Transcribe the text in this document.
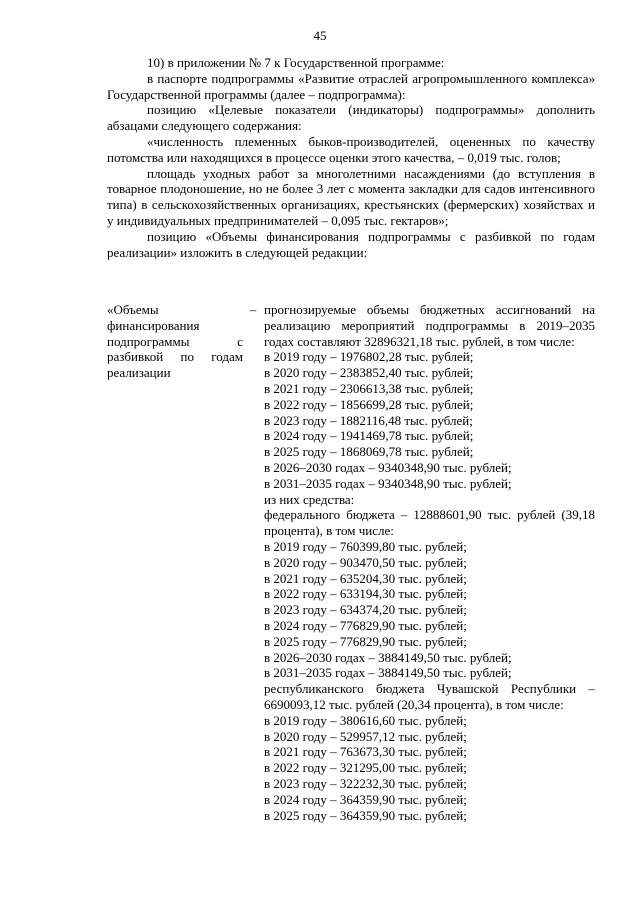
45

10) в приложении № 7 к Государственной программе:

в паспорте подпрограммы «Развитие отраслей агропромышленного комплекса» Государственной программы (далее – подпрограмма):

позицию «Целевые показатели (индикаторы) подпрограммы» дополнить абзацами следующего содержания:

«численность племенных быков-производителей, оцененных по качеству потомства или находящихся в процессе оценки этого качества, – 0,019 тыс. голов;

площадь уходных работ за многолетними насаждениями (до вступления в товарное плодоношение, но не более 3 лет с момента закладки для садов интенсивного типа) в сельскохозяйственных организациях, крестьянских (фермерских) хозяйствах и у индивидуальных предпринимателей – 0,095 тыс. гектаров»;

позицию «Объемы финансирования подпрограммы с разбивкой по годам реализации» изложить в следующей редакции:

«Объемы финансирования подпрограммы с разбивкой по годам реализации
– прогнозируемые объемы бюджетных ассигнований на реализацию мероприятий подпрограммы в 2019–2035 годах составляют 32896321,18 тыс. рублей, в том числе:
в 2019 году – 1976802,28 тыс. рублей;
в 2020 году – 2383852,40 тыс. рублей;
в 2021 году – 2306613,38 тыс. рублей;
в 2022 году – 1856699,28 тыс. рублей;
в 2023 году – 1882116,48 тыс. рублей;
в 2024 году – 1941469,78 тыс. рублей;
в 2025 году – 1868069,78 тыс. рублей;
в 2026–2030 годах – 9340348,90 тыс. рублей;
в 2031–2035 годах – 9340348,90 тыс. рублей;
из них средства:
федерального бюджета – 12888601,90 тыс. рублей (39,18 процента), в том числе:
в 2019 году – 760399,80 тыс. рублей;
в 2020 году – 903470,50 тыс. рублей;
в 2021 году – 635204,30 тыс. рублей;
в 2022 году – 633194,30 тыс. рублей;
в 2023 году – 634374,20 тыс. рублей;
в 2024 году – 776829,90 тыс. рублей;
в 2025 году – 776829,90 тыс. рублей;
в 2026–2030 годах – 3884149,50 тыс. рублей;
в 2031–2035 годах – 3884149,50 тыс. рублей;
республиканского бюджета Чувашской Республики – 6690093,12 тыс. рублей (20,34 процента), в том числе:
в 2019 году – 380616,60 тыс. рублей;
в 2020 году – 529957,12 тыс. рублей;
в 2021 году – 763673,30 тыс. рублей;
в 2022 году – 321295,00 тыс. рублей;
в 2023 году – 322232,30 тыс. рублей;
в 2024 году – 364359,90 тыс. рублей;
в 2025 году – 364359,90 тыс. рублей;
